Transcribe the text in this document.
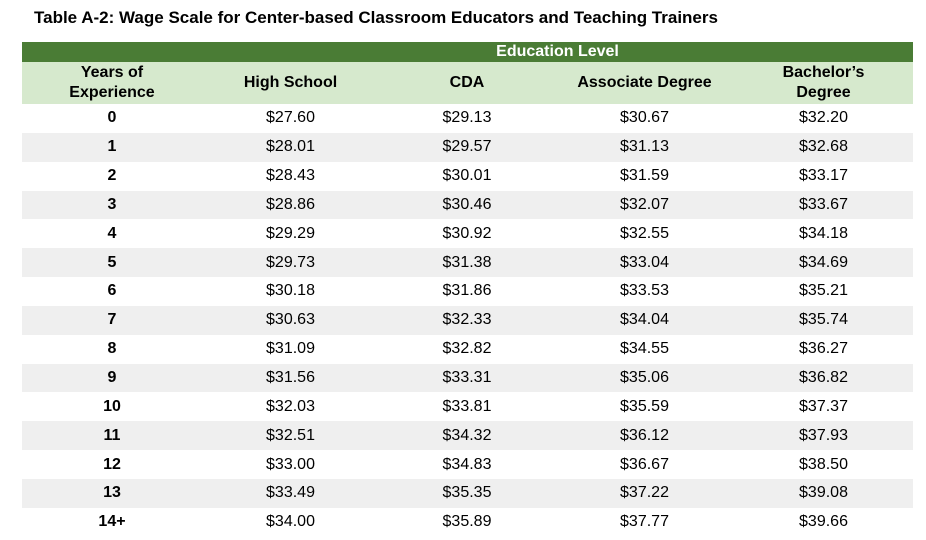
Table A-2: Wage Scale for Center-based Classroom Educators and Teaching Trainers
	Education Level			
Years of Experience	High School	CDA	Associate Degree	Bachelor’s Degree
0	$27.60	$29.13	$30.67	$32.20
1	$28.01	$29.57	$31.13	$32.68
2	$28.43	$30.01	$31.59	$33.17
3	$28.86	$30.46	$32.07	$33.67
4	$29.29	$30.92	$32.55	$34.18
5	$29.73	$31.38	$33.04	$34.69
6	$30.18	$31.86	$33.53	$35.21
7	$30.63	$32.33	$34.04	$35.74
8	$31.09	$32.82	$34.55	$36.27
9	$31.56	$33.31	$35.06	$36.82
10	$32.03	$33.81	$35.59	$37.37
11	$32.51	$34.32	$36.12	$37.93
12	$33.00	$34.83	$36.67	$38.50
13	$33.49	$35.35	$37.22	$39.08
14+	$34.00	$35.89	$37.77	$39.66
